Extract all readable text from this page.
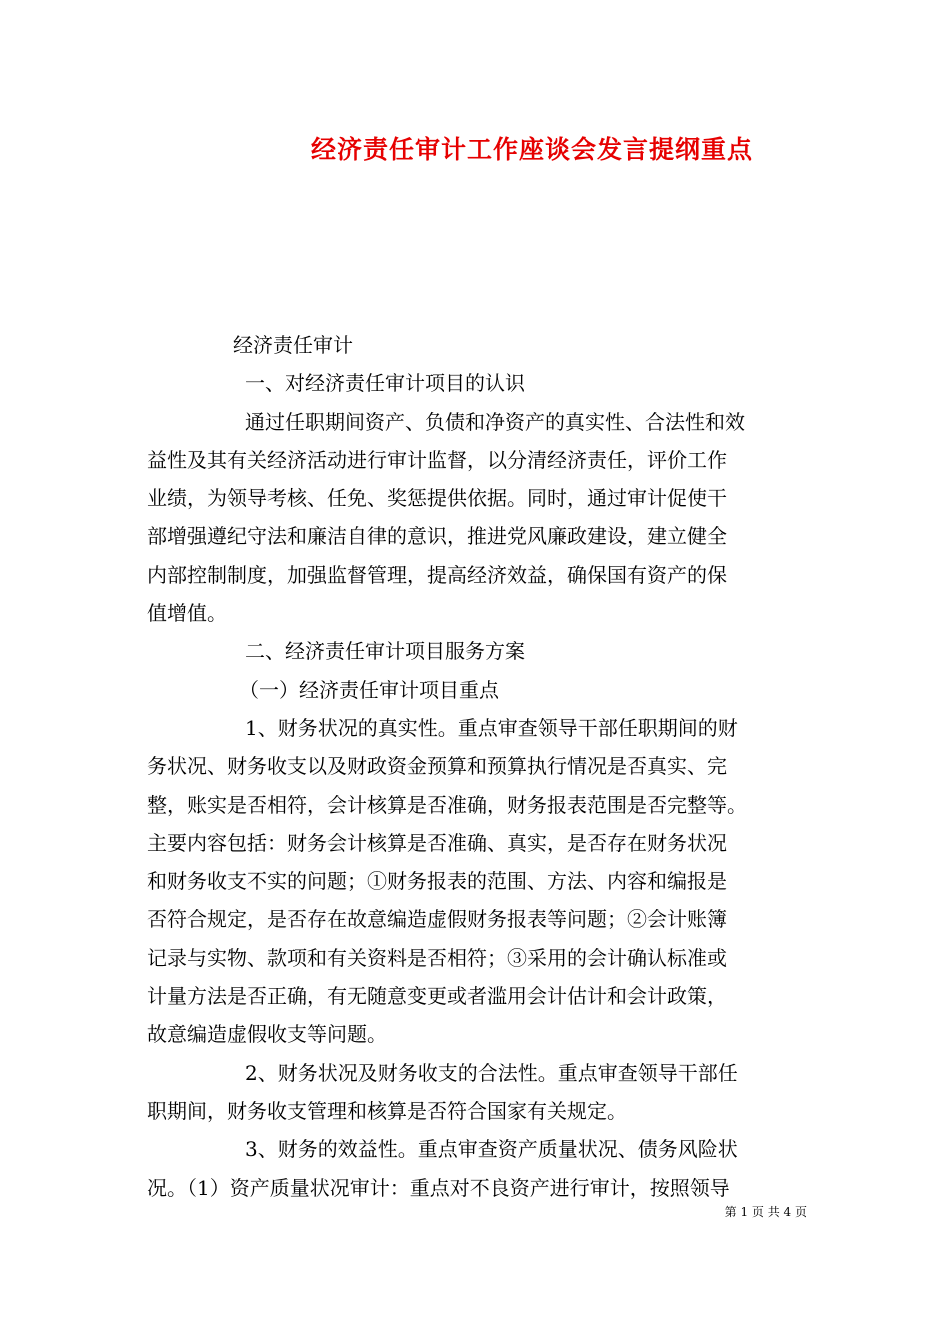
经济责任审计工作座谈会发言提纲重点
经济责任审计
一、对经济责任审计项目的认识
通过任职期间资产、负债和净资产的真实性、合法性和效
益性及其有关经济活动进行审计监督，以分清经济责任，评价工作
业绩，为领导考核、任免、奖惩提供依据。同时，通过审计促使干
部增强遵纪守法和廉洁自律的意识，推进党风廉政建设，建立健全
内部控制制度，加强监督管理，提高经济效益，确保国有资产的保
值增值。
二、经济责任审计项目服务方案
（一）经济责任审计项目重点
1、财务状况的真实性。重点审查领导干部任职期间的财
务状况、财务收支以及财政资金预算和预算执行情况是否真实、完
整，账实是否相符，会计核算是否准确，财务报表范围是否完整等。
主要内容包括：财务会计核算是否准确、真实，是否存在财务状况
和财务收支不实的问题；①财务报表的范围、方法、内容和编报是
否符合规定，是否存在故意编造虚假财务报表等问题；②会计账簿
记录与实物、款项和有关资料是否相符；③采用的会计确认标准或
计量方法是否正确，有无随意变更或者滥用会计估计和会计政策，
故意编造虚假收支等问题。
2、财务状况及财务收支的合法性。重点审查领导干部任
职期间，财务收支管理和核算是否符合国家有关规定。
3、财务的效益性。重点审查资产质量状况、债务风险状
况。（1）资产质量状况审计：重点对不良资产进行审计，按照领导
第 1 页 共 4 页
